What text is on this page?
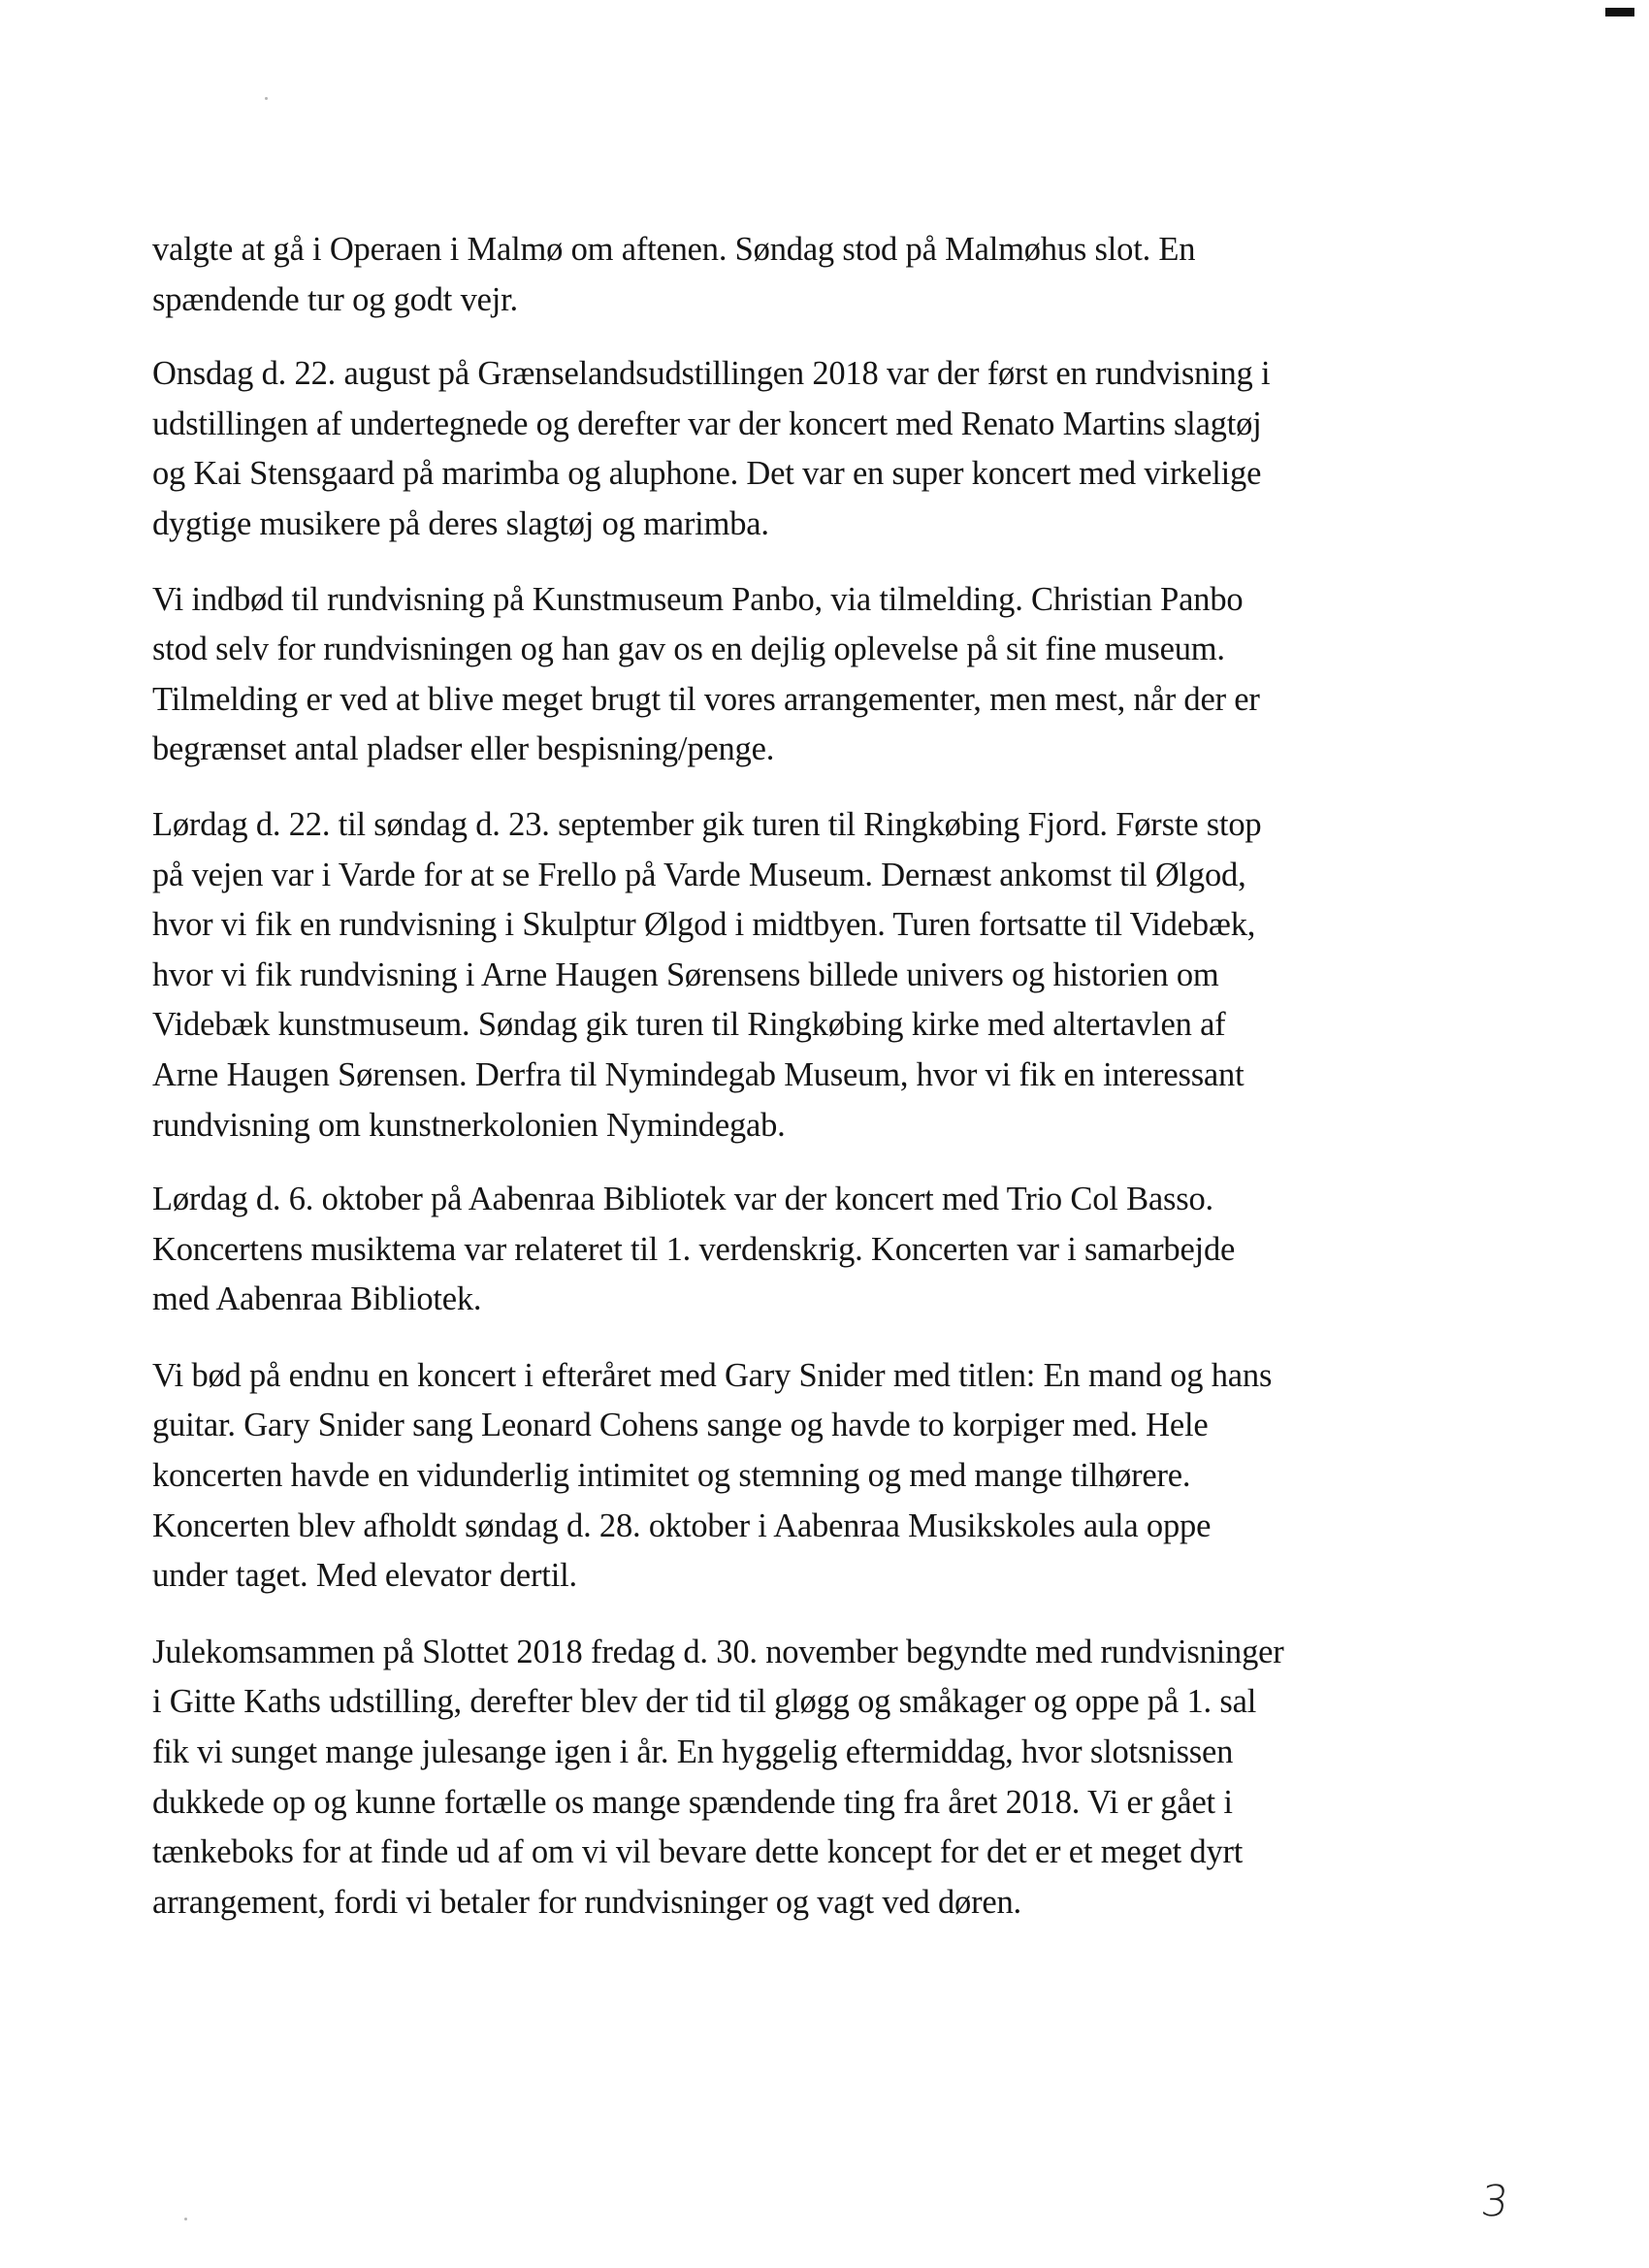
valgte at gå i Operaen i Malmø om aftenen. Søndag stod på Malmøhus slot. En
spændende tur og godt vejr.

Onsdag d. 22. august på Grænselandsudstillingen 2018 var der først en rundvisning i
udstillingen af undertegnede og derefter var der koncert med Renato Martins slagtøj
og Kai Stensgaard på marimba og aluphone. Det var en super koncert med virkelige
dygtige musikere på deres slagtøj og marimba.

Vi indbød til rundvisning på Kunstmuseum Panbo, via tilmelding. Christian Panbo
stod selv for rundvisningen og han gav os en dejlig oplevelse på sit fine museum.
Tilmelding er ved at blive meget brugt til vores arrangementer, men mest, når der er
begrænset antal pladser eller bespisning/penge.

Lørdag d. 22. til søndag d. 23. september gik turen til Ringkøbing Fjord. Første stop
på vejen var i Varde for at se Frello på Varde Museum. Dernæst ankomst til Ølgod,
hvor vi fik en rundvisning i Skulptur Ølgod i midtbyen. Turen fortsatte til Videbæk,
hvor vi fik rundvisning i Arne Haugen Sørensens billede univers og historien om
Videbæk kunstmuseum. Søndag gik turen til Ringkøbing kirke med altertavlen af
Arne Haugen Sørensen. Derfra til Nymindegab Museum, hvor vi fik en interessant
rundvisning om kunstnerkolonien Nymindegab.

Lørdag d. 6. oktober på Aabenraa Bibliotek var der koncert med Trio Col Basso.
Koncertens musiktema var relateret til 1. verdenskrig. Koncerten var i samarbejde
med Aabenraa Bibliotek.

Vi bød på endnu en koncert i efteråret med Gary Snider med titlen: En mand og hans
guitar. Gary Snider sang Leonard Cohens sange og havde to korpiger med. Hele
koncerten havde en vidunderlig intimitet og stemning og med mange tilhørere.
Koncerten blev afholdt søndag d. 28. oktober i Aabenraa Musikskoles aula oppe
under taget. Med elevator dertil.

Julekomsammen på Slottet 2018 fredag d. 30. november begyndte med rundvisninger
i Gitte Kaths udstilling, derefter blev der tid til gløgg og småkager og oppe på 1. sal
fik vi sunget mange julesange igen i år. En hyggelig eftermiddag, hvor slotsnissen
dukkede op og kunne fortælle os mange spændende ting fra året 2018. Vi er gået i
tænkeboks for at finde ud af om vi vil bevare dette koncept for det er et meget dyrt
arrangement, fordi vi betaler for rundvisninger og vagt ved døren.

3
